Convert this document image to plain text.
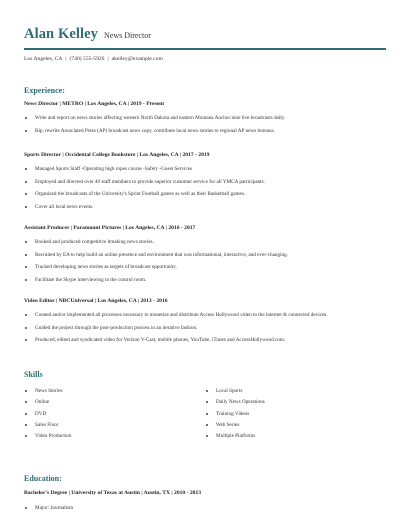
Alan Kelley News Director
Los Angeles, CA | (740) 555-5926 | akelley@example.com
Experience:
News Director | METRO | Los Angeles, CA | 2019 - Present
Write and report on news stories affecting western North Dakota and eastern Montana Anchor nine live broadcasts daily.
Rip, rewrite Associated Press (AP) broadcast news copy, contribute local news stories to regional AP news bureaus.
Sports Director | Occidental College Bookstore | Los Angeles, CA | 2017 - 2019
Managed Sports Staff -Operating high ropes course -Safety -Guest Services
Employed and directed over 40 staff members to provide superior customer service for all YMCA participants.
Organized the broadcasts of the University's Sprint Football games as well as their Basketball games.
Cover all local news events.
Assistant Producer | Paramount Pictures | Los Angeles, CA | 2016 - 2017
Booked and produced competitive breaking news stories.
Recruited by EA to help build an online presence and environment that was informational, interactive, and ever-changing.
Tracked developing news stories as targets of broadcast opportunity.
Facilitate the Skype interviewing in the control room.
Video Editor | NBCUniversal | Los Angeles, CA | 2013 - 2016
Created and/or implemented all processes necessary to monetize and distribute Access Hollywood video to the internet & connected devices.
Guided the project through the post-production process in an iterative fashion.
Produced, edited and syndicated video for Verizon V-Cast, mobile phones, YouTube, iTunes and AccessHollywood.com.
Skills
News Stories	Local Sports
Online	Daily News Operations
DVD	Training Videos
Sales Floor	Web Series
Video Production	Multiple Platforms
Education:
Bachelor's Degree | University of Texas at Austin | Austin, TX | 2010 - 2013
Major: Journalism
